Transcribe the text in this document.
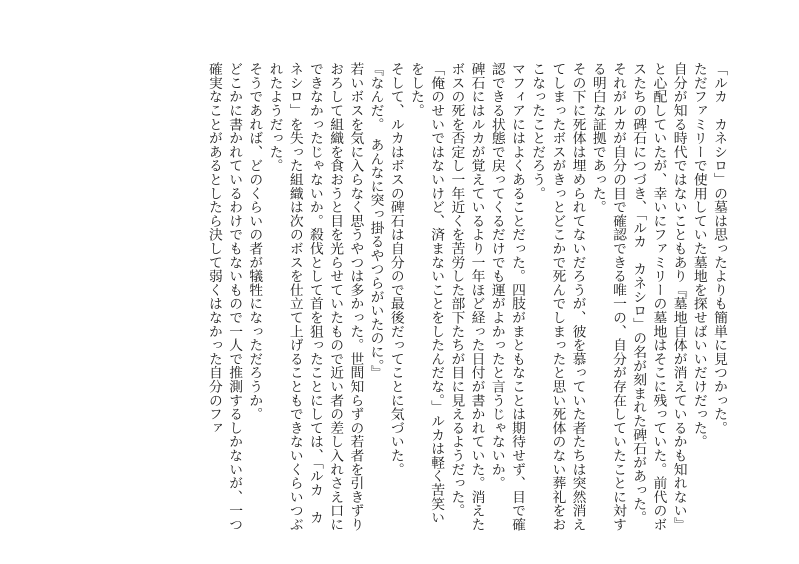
「ルカ　カネシロ」の墓は思ったよりも簡単に見つかった。

ただファミリーで使用していた墓地を探せばいいだけだった。

自分が知る時代ではないこともあり『墓地自体が消えているかも知れない』と心配していたが、幸いにファミリーの墓地はそこに残っていた。前代のボスたちの碑石につづき、「ルカ　カネシロ」の名が刻まれた碑石があった。それがルカが自分の目で確認できる唯一の、自分が存在していたことに対する明白な証拠であった。

その下に死体は埋められてないだろうが、彼を慕っていた者たちは突然消えてしまったボスがきっとどこかで死んでしまったと思い死体のない葬礼をおこなったことだろう。

マフィアにはよくあることだった。四肢がまともなことは期待せず、目で確認できる状態で戻ってくるだけでも運がよかったと言うじゃないか。

碑石にはルカが覚えているより一年ほど経った日付が書かれていた。消えたボスの死を否定し一年近くを苦労した部下たちが目に見えるようだった。

「俺のせいではないけど、済まないことをしたんだな。」ルカは軽く苦笑いをした。

そして、ルカはボスの碑石は自分ので最後だってことに気づいた。

『なんだ。　あんなに突っ掛るやつらがいたのに。』

若いボスを気に入らなく思うやつは多かった。世間知らずの若者を引きずりおろして組織を食おうと目を光らせていたもので近い者の差し入れさえ口にできなかったじゃないか。殺伐として首を狙ったことにしては、「ルカ　カネシロ」を失った組織は次のボスを仕立て上げることもできないくらいつぶれたようだった。

そうであれば、どのくらいの者が犠牲になっただろうか。

どこかに書かれているわけでもないもので一人で推測するしかないが、一つ確実なことがあるとしたら決して弱くはなかった自分のファ
